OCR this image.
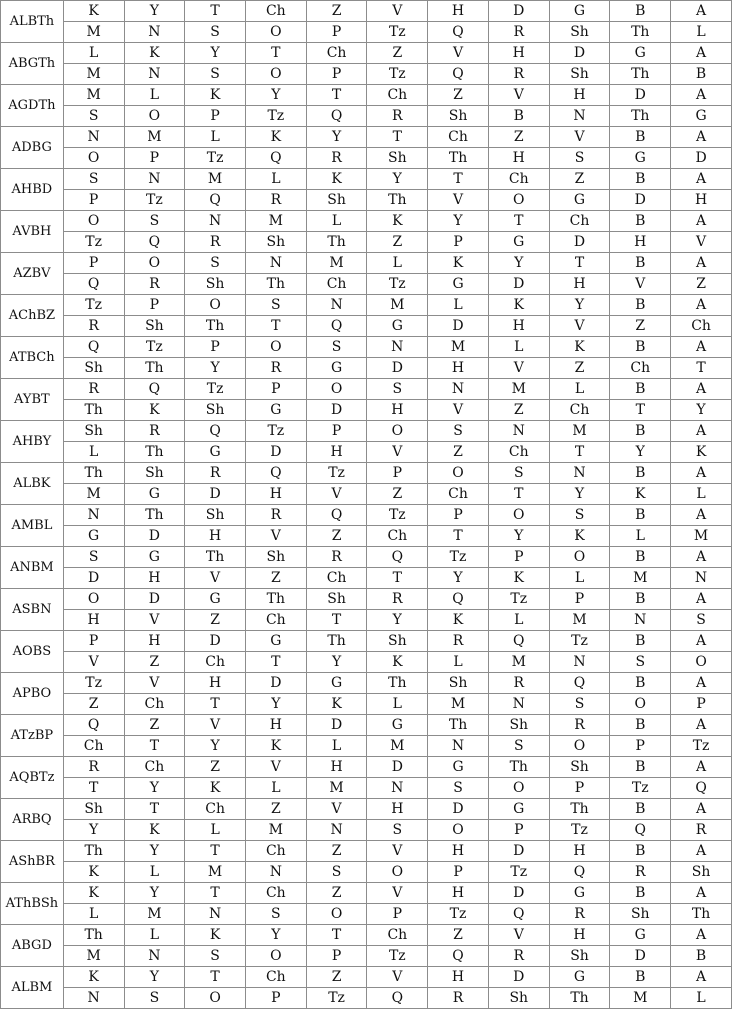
ALBTh	K	Y	T	Ch	Z	V	H	D	G	B	A
	M	N	S	O	P	Tz	Q	R	Sh	Th	L
ABGTh	L	K	Y	T	Ch	Z	V	H	D	G	A
	M	N	S	O	P	Tz	Q	R	Sh	Th	B
AGDTh	M	L	K	Y	T	Ch	Z	V	H	D	A
	S	O	P	Tz	Q	R	Sh	B	N	Th	G
ADBG	N	M	L	K	Y	T	Ch	Z	V	B	A
	O	P	Tz	Q	R	Sh	Th	H	S	G	D
AHBD	S	N	M	L	K	Y	T	Ch	Z	B	A
	P	Tz	Q	R	Sh	Th	V	O	G	D	H
AVBH	O	S	N	M	L	K	Y	T	Ch	B	A
	Tz	Q	R	Sh	Th	Z	P	G	D	H	V
AZBV	P	O	S	N	M	L	K	Y	T	B	A
	Q	R	Sh	Th	Ch	Tz	G	D	H	V	Z
AChBZ	Tz	P	O	S	N	M	L	K	Y	B	A
	R	Sh	Th	T	Q	G	D	H	V	Z	Ch
ATBCh	Q	Tz	P	O	S	N	M	L	K	B	A
	Sh	Th	Y	R	G	D	H	V	Z	Ch	T
AYBT	R	Q	Tz	P	O	S	N	M	L	B	A
	Th	K	Sh	G	D	H	V	Z	Ch	T	Y
AHBY	Sh	R	Q	Tz	P	O	S	N	M	B	A
	L	Th	G	D	H	V	Z	Ch	T	Y	K
ALBK	Th	Sh	R	Q	Tz	P	O	S	N	B	A
	M	G	D	H	V	Z	Ch	T	Y	K	L
AMBL	N	Th	Sh	R	Q	Tz	P	O	S	B	A
	G	D	H	V	Z	Ch	T	Y	K	L	M
ANBM	S	G	Th	Sh	R	Q	Tz	P	O	B	A
	D	H	V	Z	Ch	T	Y	K	L	M	N
ASBN	O	D	G	Th	Sh	R	Q	Tz	P	B	A
	H	V	Z	Ch	T	Y	K	L	M	N	S
AOBS	P	H	D	G	Th	Sh	R	Q	Tz	B	A
	V	Z	Ch	T	Y	K	L	M	N	S	O
APBO	Tz	V	H	D	G	Th	Sh	R	Q	B	A
	Z	Ch	T	Y	K	L	M	N	S	O	P
ATzBP	Q	Z	V	H	D	G	Th	Sh	R	B	A
	Ch	T	Y	K	L	M	N	S	O	P	Tz
AQBTz	R	Ch	Z	V	H	D	G	Th	Sh	B	A
	T	Y	K	L	M	N	S	O	P	Tz	Q
ARBQ	Sh	T	Ch	Z	V	H	D	G	Th	B	A
	Y	K	L	M	N	S	O	P	Tz	Q	R
AShBR	Th	Y	T	Ch	Z	V	H	D	H	B	A
	K	L	M	N	S	O	P	Tz	Q	R	Sh
AThBSh	K	Y	T	Ch	Z	V	H	D	G	B	A
	L	M	N	S	O	P	Tz	Q	R	Sh	Th
ABGD	Th	L	K	Y	T	Ch	Z	V	H	G	A
	M	N	S	O	P	Tz	Q	R	Sh	D	B
ALBM	K	Y	T	Ch	Z	V	H	D	G	B	A
	N	S	O	P	Tz	Q	R	Sh	Th	M	L
